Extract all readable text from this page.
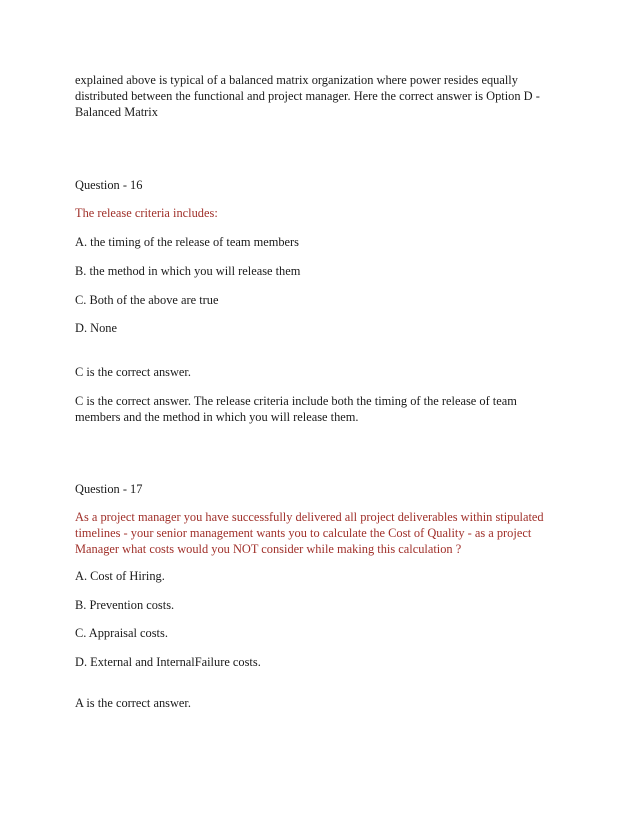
explained above is typical of a balanced matrix organization where power resides equally
distributed between the functional and project manager. Here the correct answer is Option D -
Balanced Matrix
Question - 16
The release criteria includes:
A. the timing of the release of team members
B. the method in which you will release them
C. Both of the above are true
D. None
C is the correct answer.
C is the correct answer. The release criteria include both the timing of the release of team
members and the method in which you will release them.
Question - 17
As a project manager you have successfully delivered all project deliverables within stipulated
timelines - your senior management wants you to calculate the Cost of Quality - as a project
Manager what costs would you NOT consider while making this calculation ?
A. Cost of Hiring.
B. Prevention costs.
C. Appraisal costs.
D. External and InternalFailure costs.
A is the correct answer.
